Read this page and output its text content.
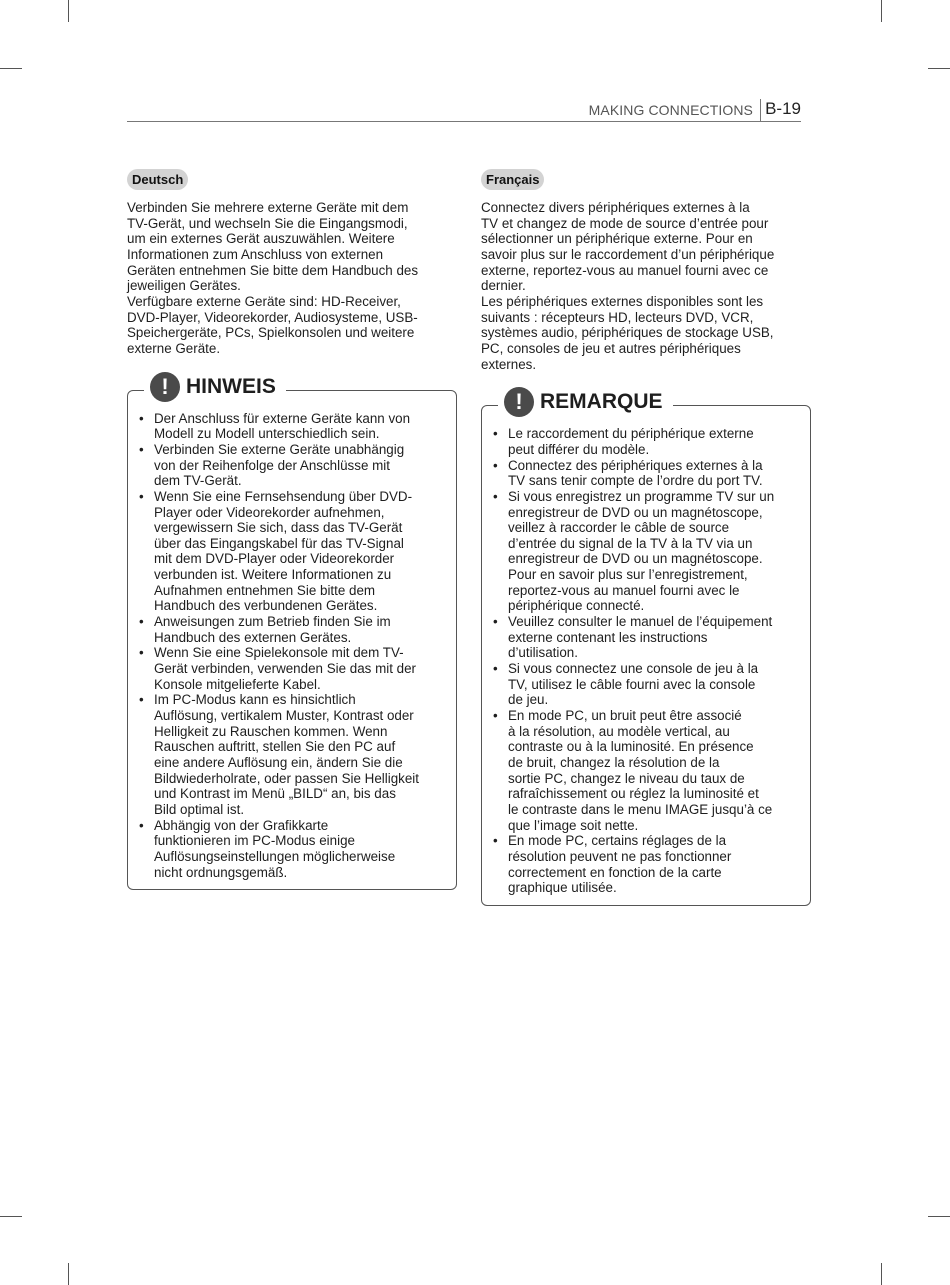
MAKING CONNECTIONS B-19
Deutsch

Verbinden Sie mehrere externe Geräte mit dem
TV-Gerät, und wechseln Sie die Eingangsmodi,
um ein externes Gerät auszuwählen. Weitere
Informationen zum Anschluss von externen
Geräten entnehmen Sie bitte dem Handbuch des
jeweiligen Gerätes.
Verfügbare externe Geräte sind: HD-Receiver,
DVD-Player, Videorekorder, Audiosysteme, USB-
Speichergeräte, PCs, Spielkonsolen und weitere
externe Geräte.

! HINWEIS
• Der Anschluss für externe Geräte kann von
Modell zu Modell unterschiedlich sein.
• Verbinden Sie externe Geräte unabhängig
von der Reihenfolge der Anschlüsse mit
dem TV-Gerät.
• Wenn Sie eine Fernsehsendung über DVD-
Player oder Videorekorder aufnehmen,
vergewissern Sie sich, dass das TV-Gerät
über das Eingangskabel für das TV-Signal
mit dem DVD-Player oder Videorekorder
verbunden ist. Weitere Informationen zu
Aufnahmen entnehmen Sie bitte dem
Handbuch des verbundenen Gerätes.
• Anweisungen zum Betrieb finden Sie im
Handbuch des externen Gerätes.
• Wenn Sie eine Spielekonsole mit dem TV-
Gerät verbinden, verwenden Sie das mit der
Konsole mitgelieferte Kabel.
• Im PC-Modus kann es hinsichtlich
Auflösung, vertikalem Muster, Kontrast oder
Helligkeit zu Rauschen kommen. Wenn
Rauschen auftritt, stellen Sie den PC auf
eine andere Auflösung ein, ändern Sie die
Bildwiederholrate, oder passen Sie Helligkeit
und Kontrast im Menü „BILD“ an, bis das
Bild optimal ist.
• Abhängig von der Grafikkarte
funktionieren im PC-Modus einige
Auflösungseinstellungen möglicherweise
nicht ordnungsgemäß.
Français

Connectez divers périphériques externes à la
TV et changez de mode de source d’entrée pour
sélectionner un périphérique externe. Pour en
savoir plus sur le raccordement d’un périphérique
externe, reportez-vous au manuel fourni avec ce
dernier.
Les périphériques externes disponibles sont les
suivants : récepteurs HD, lecteurs DVD, VCR,
systèmes audio, périphériques de stockage USB,
PC, consoles de jeu et autres périphériques
externes.

! REMARQUE
• Le raccordement du périphérique externe
peut différer du modèle.
• Connectez des périphériques externes à la
TV sans tenir compte de l’ordre du port TV.
• Si vous enregistrez un programme TV sur un
enregistreur de DVD ou un magnétoscope,
veillez à raccorder le câble de source
d’entrée du signal de la TV à la TV via un
enregistreur de DVD ou un magnétoscope.
Pour en savoir plus sur l’enregistrement,
reportez-vous au manuel fourni avec le
périphérique connecté.
• Veuillez consulter le manuel de l’équipement
externe contenant les instructions
d’utilisation.
• Si vous connectez une console de jeu à la
TV, utilisez le câble fourni avec la console
de jeu.
• En mode PC, un bruit peut être associé
à la résolution, au modèle vertical, au
contraste ou à la luminosité. En présence
de bruit, changez la résolution de la
sortie PC, changez le niveau du taux de
rafraîchissement ou réglez la luminosité et
le contraste dans le menu IMAGE jusqu’à ce
que l’image soit nette.
• En mode PC, certains réglages de la
résolution peuvent ne pas fonctionner
correctement en fonction de la carte
graphique utilisée.
